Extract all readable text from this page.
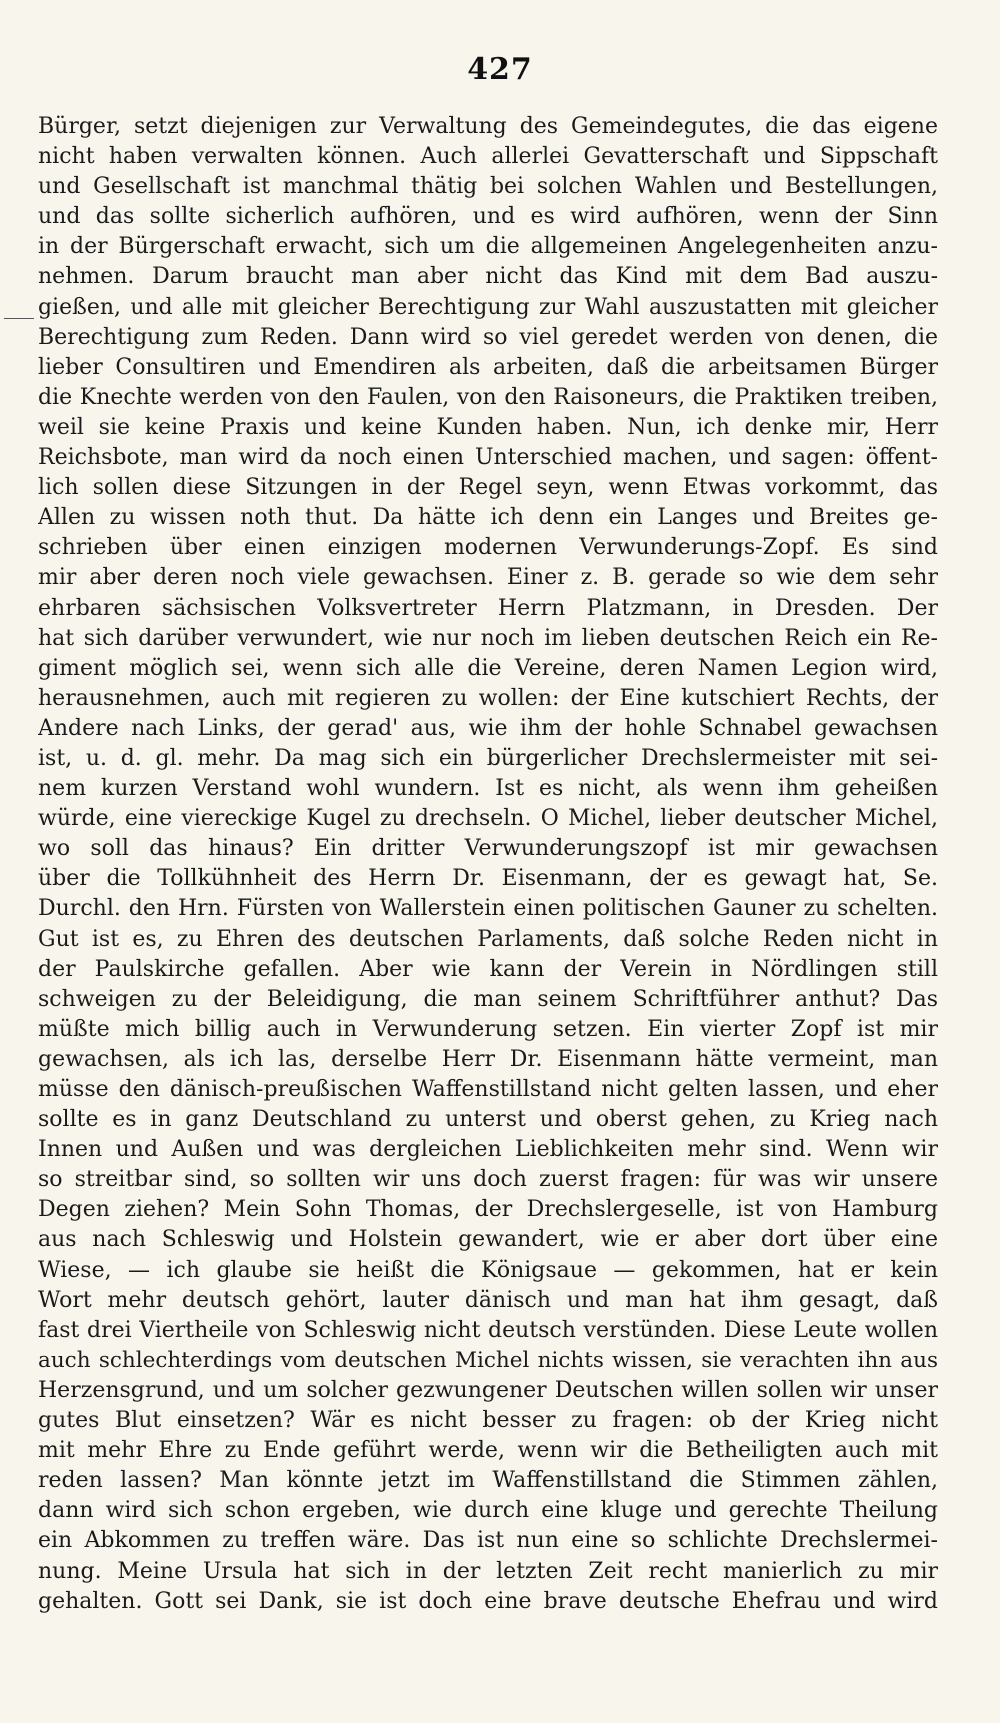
427
Bürger, setzt diejenigen zur Verwaltung des Gemeindegutes, die das eigene
nicht haben verwalten können. Auch allerlei Gevatterschaft und Sippschaft
und Gesellschaft ist manchmal thätig bei solchen Wahlen und Bestellungen,
und das sollte sicherlich aufhören, und es wird aufhören, wenn der Sinn
in der Bürgerschaft erwacht, sich um die allgemeinen Angelegenheiten anzu-
nehmen. Darum braucht man aber nicht das Kind mit dem Bad auszu-
gießen, und alle mit gleicher Berechtigung zur Wahl auszustatten mit gleicher
Berechtigung zum Reden. Dann wird so viel geredet werden von denen, die
lieber Consultiren und Emendiren als arbeiten, daß die arbeitsamen Bürger
die Knechte werden von den Faulen, von den Raisoneurs, die Praktiken treiben,
weil sie keine Praxis und keine Kunden haben. Nun, ich denke mir, Herr
Reichsbote, man wird da noch einen Unterschied machen, und sagen: öffent-
lich sollen diese Sitzungen in der Regel seyn, wenn Etwas vorkommt, das
Allen zu wissen noth thut. Da hätte ich denn ein Langes und Breites ge-
schrieben über einen einzigen modernen Verwunderungs-Zopf. Es sind
mir aber deren noch viele gewachsen. Einer z. B. gerade so wie dem sehr
ehrbaren sächsischen Volksvertreter Herrn Platzmann, in Dresden. Der
hat sich darüber verwundert, wie nur noch im lieben deutschen Reich ein Re-
giment möglich sei, wenn sich alle die Vereine, deren Namen Legion wird,
herausnehmen, auch mit regieren zu wollen: der Eine kutschiert Rechts, der
Andere nach Links, der gerad' aus, wie ihm der hohle Schnabel gewachsen
ist, u. d. gl. mehr. Da mag sich ein bürgerlicher Drechslermeister mit sei-
nem kurzen Verstand wohl wundern. Ist es nicht, als wenn ihm geheißen
würde, eine viereckige Kugel zu drechseln. O Michel, lieber deutscher Michel,
wo soll das hinaus? Ein dritter Verwunderungszopf ist mir gewachsen
über die Tollkühnheit des Herrn Dr. Eisenmann, der es gewagt hat, Se.
Durchl. den Hrn. Fürsten von Wallerstein einen politischen Gauner zu schelten.
Gut ist es, zu Ehren des deutschen Parlaments, daß solche Reden nicht in
der Paulskirche gefallen. Aber wie kann der Verein in Nördlingen still
schweigen zu der Beleidigung, die man seinem Schriftführer anthut? Das
müßte mich billig auch in Verwunderung setzen. Ein vierter Zopf ist mir
gewachsen, als ich las, derselbe Herr Dr. Eisenmann hätte vermeint, man
müsse den dänisch-preußischen Waffenstillstand nicht gelten lassen, und eher
sollte es in ganz Deutschland zu unterst und oberst gehen, zu Krieg nach
Innen und Außen und was dergleichen Lieblichkeiten mehr sind. Wenn wir
so streitbar sind, so sollten wir uns doch zuerst fragen: für was wir unsere
Degen ziehen? Mein Sohn Thomas, der Drechslergeselle, ist von Hamburg
aus nach Schleswig und Holstein gewandert, wie er aber dort über eine
Wiese, — ich glaube sie heißt die Königsaue — gekommen, hat er kein
Wort mehr deutsch gehört, lauter dänisch und man hat ihm gesagt, daß
fast drei Viertheile von Schleswig nicht deutsch verstünden. Diese Leute wollen
auch schlechterdings vom deutschen Michel nichts wissen, sie verachten ihn aus
Herzensgrund, und um solcher gezwungener Deutschen willen sollen wir unser
gutes Blut einsetzen? Wär es nicht besser zu fragen: ob der Krieg nicht
mit mehr Ehre zu Ende geführt werde, wenn wir die Betheiligten auch mit
reden lassen? Man könnte jetzt im Waffenstillstand die Stimmen zählen,
dann wird sich schon ergeben, wie durch eine kluge und gerechte Theilung
ein Abkommen zu treffen wäre. Das ist nun eine so schlichte Drechslermei-
nung. Meine Ursula hat sich in der letzten Zeit recht manierlich zu mir
gehalten. Gott sei Dank, sie ist doch eine brave deutsche Ehefrau und wird
